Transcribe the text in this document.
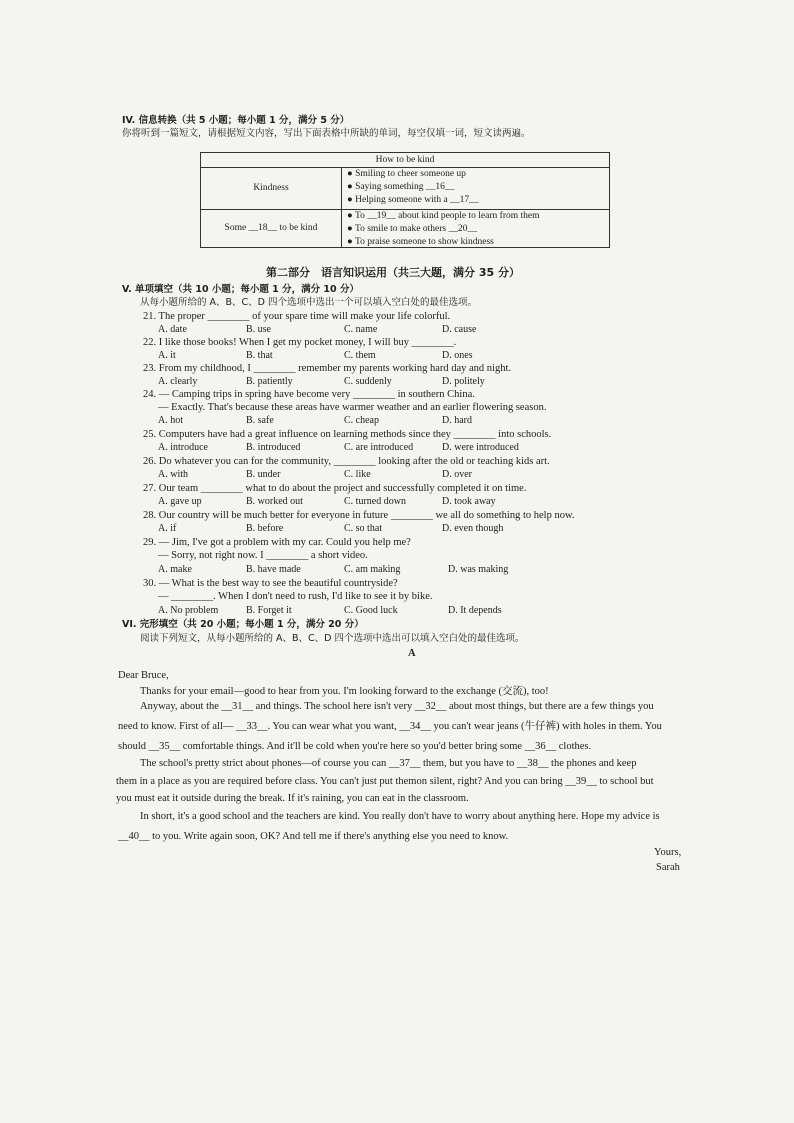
IV. 信息转换（共 5 小题；每小题 1 分，满分 5 分）
你将听到一篇短文，请根据短文内容，写出下面表格中所缺的单词，每空仅填一词，短文读两遍。
How to be kind
Kindness
● Smiling to cheer someone up
● Saying something __16__
● Helping someone with a __17__
Some __18__ to be kind
● To __19__ about kind people to learn from them
● To smile to make others __20__
● To praise someone to show kindness
第二部分　语言知识运用（共三大题，满分 35 分）
V. 单项填空（共 10 小题；每小题 1 分，满分 10 分）
从每小题所给的 A、B、C、D 四个选项中选出一个可以填入空白处的最佳选项。
21. The proper ________ of your spare time will make your life colorful.
A. date	B. use	C. name	D. cause
22. I like those books! When I get my pocket money, I will buy ________.
A. it	B. that	C. them	D. ones
23. From my childhood, I ________ remember my parents working hard day and night.
A. clearly	B. patiently	C. suddenly	D. politely
24. — Camping trips in spring have become very ________ in southern China.
— Exactly. That's because these areas have warmer weather and an earlier flowering season.
A. hot	B. safe	C. cheap	D. hard
25. Computers have had a great influence on learning methods since they ________ into schools.
A. introduce	B. introduced	C. are introduced	D. were introduced
26. Do whatever you can for the community, ________ looking after the old or teaching kids art.
A. with	B. under	C. like	D. over
27. Our team ________ what to do about the project and successfully completed it on time.
A. gave up	B. worked out	C. turned down	D. took away
28. Our country will be much better for everyone in future ________ we all do something to help now.
A. if	B. before	C. so that	D. even though
29. — Jim, I've got a problem with my car. Could you help me?
— Sorry, not right now. I ________ a short video.
A. make	B. have made	C. am making	D. was making
30. — What is the best way to see the beautiful countryside?
— ________. When I don't need to rush, I'd like to see it by bike.
A. No problem	B. Forget it	C. Good luck	D. It depends
VI. 完形填空（共 20 小题；每小题 1 分，满分 20 分）
阅读下列短文，从每小题所给的 A、B、C、D 四个选项中选出可以填入空白处的最佳选项。
A
Dear Bruce,
Thanks for your email—good to hear from you. I'm looking forward to the exchange (交流), too!
Anyway, about the __31__ and things. The school here isn't very __32__ about most things, but there are a few things you
need to know. First of all— __33__. You can wear what you want, __34__ you can't wear jeans (牛仔裤) with holes in them. You
should __35__ comfortable things. And it'll be cold when you're here so you'd better bring some __36__ clothes.
The school's pretty strict about phones—of course you can __37__ them, but you have to __38__ the phones and keep
them in a place as you are required before class. You can't just put themon silent, right? And you can bring __39__ to school but
you must eat it outside during the break. If it's raining, you can eat in the classroom.
In short, it's a good school and the teachers are kind. You really don't have to worry about anything here. Hope my advice is
__40__ to you. Write again soon, OK? And tell me if there's anything else you need to know.
Yours,
Sarah
